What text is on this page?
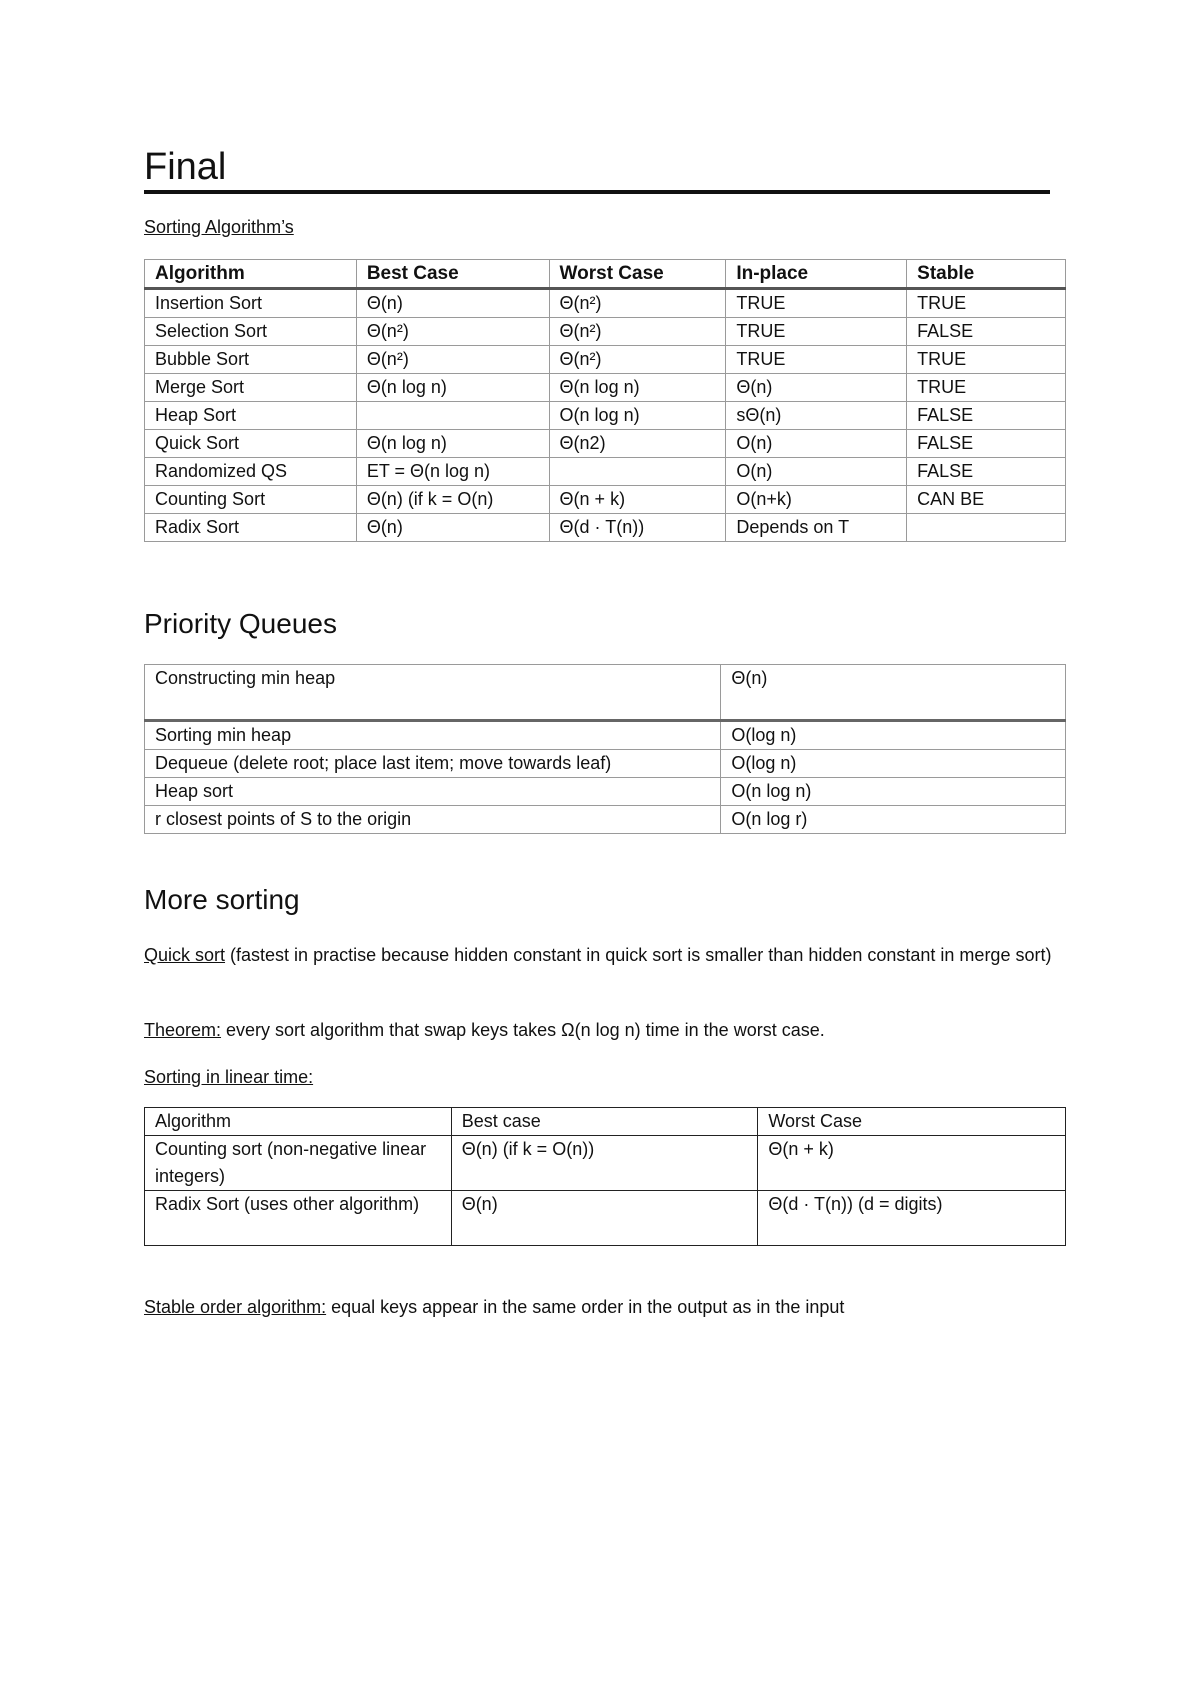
Final
Sorting Algorithm’s
Algorithm	Best Case	Worst Case	In-place	Stable
Insertion Sort	Θ(n)	Θ(n²)	TRUE	TRUE
Selection Sort	Θ(n²)	Θ(n²)	TRUE	FALSE
Bubble Sort	Θ(n²)	Θ(n²)	TRUE	TRUE
Merge Sort	Θ(n log n)	Θ(n log n)	Θ(n)	TRUE
Heap Sort		O(n log n)	sΘ(n)	FALSE
Quick Sort	Θ(n log n)	Θ(n2)	O(n)	FALSE
Randomized QS	ET = Θ(n log n)		O(n)	FALSE
Counting Sort	Θ(n) (if k = O(n)	Θ(n + k)	O(n+k)	CAN BE
Radix Sort	Θ(n)	Θ(d · T(n))	Depends on T	
Priority Queues
Constructing min heap	Θ(n)
Sorting min heap	O(log n)
Dequeue (delete root; place last item; move towards leaf)	O(log n)
Heap sort	O(n log n)
r closest points of S to the origin	O(n log r)
More sorting
Quick sort (fastest in practise because hidden constant in quick sort is smaller than hidden constant in merge sort)
Theorem: every sort algorithm that swap keys takes Ω(n log n) time in the worst case.
Sorting in linear time:
Algorithm	Best case	Worst Case
Counting sort (non-negative linear integers)	Θ(n) (if k = O(n))	Θ(n + k)
Radix Sort (uses other algorithm)	Θ(n)	Θ(d · T(n)) (d = digits)
Stable order algorithm: equal keys appear in the same order in the output as in the input
